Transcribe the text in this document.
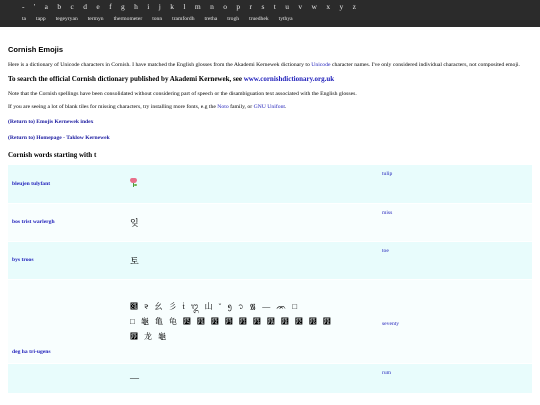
- ' a b c d e f g h i j k l m n o p r s t u v w x y z
ta tapp tegeyryan termyn thermometer tonn tramfordh tretha trogh truedhek tythya
Cornish Emojis

Here is a dictionary of Unicode characters in Cornish. I have matched the English glosses from the Akademi Kernewek dictionary to Unicode character names. I've only considered individual characters, not composited emoji.

To search the official Cornish dictionary published by Akademi Kernewek, see www.cornishdictionary.org.uk

Note that the Cornish spellings have been consolidated without considering part of speech or the disambiguation text associated with the English glosses.

If you are seeing a lot of blank tiles for missing characters, try installing more fonts, e.g the Noto family, or GNU Unifont.

(Return to) Emojis Kernewek index
(Return to) Homepage - Taklow Kernewek
Cornish words starting with t
bleujen tulyfant		tulip
bos trist warlergh	잊	miss
bys troos	토	toe
deg ha tri-ugens	໅ ᱂ ⼳ ⼺ ṫ ᭓ ⼭ ˘ ᪅ ᭡ ᯾ — ᨏ □
□ ⻱ ⻲ ⻳ ⻴ ⻵ ⻶ ⻷ ⻸ ⻹ ⻺ ⻻ ⻼ ⻽ ⻾
⻿ ⻰ ⻱	seventy
	—	rum
